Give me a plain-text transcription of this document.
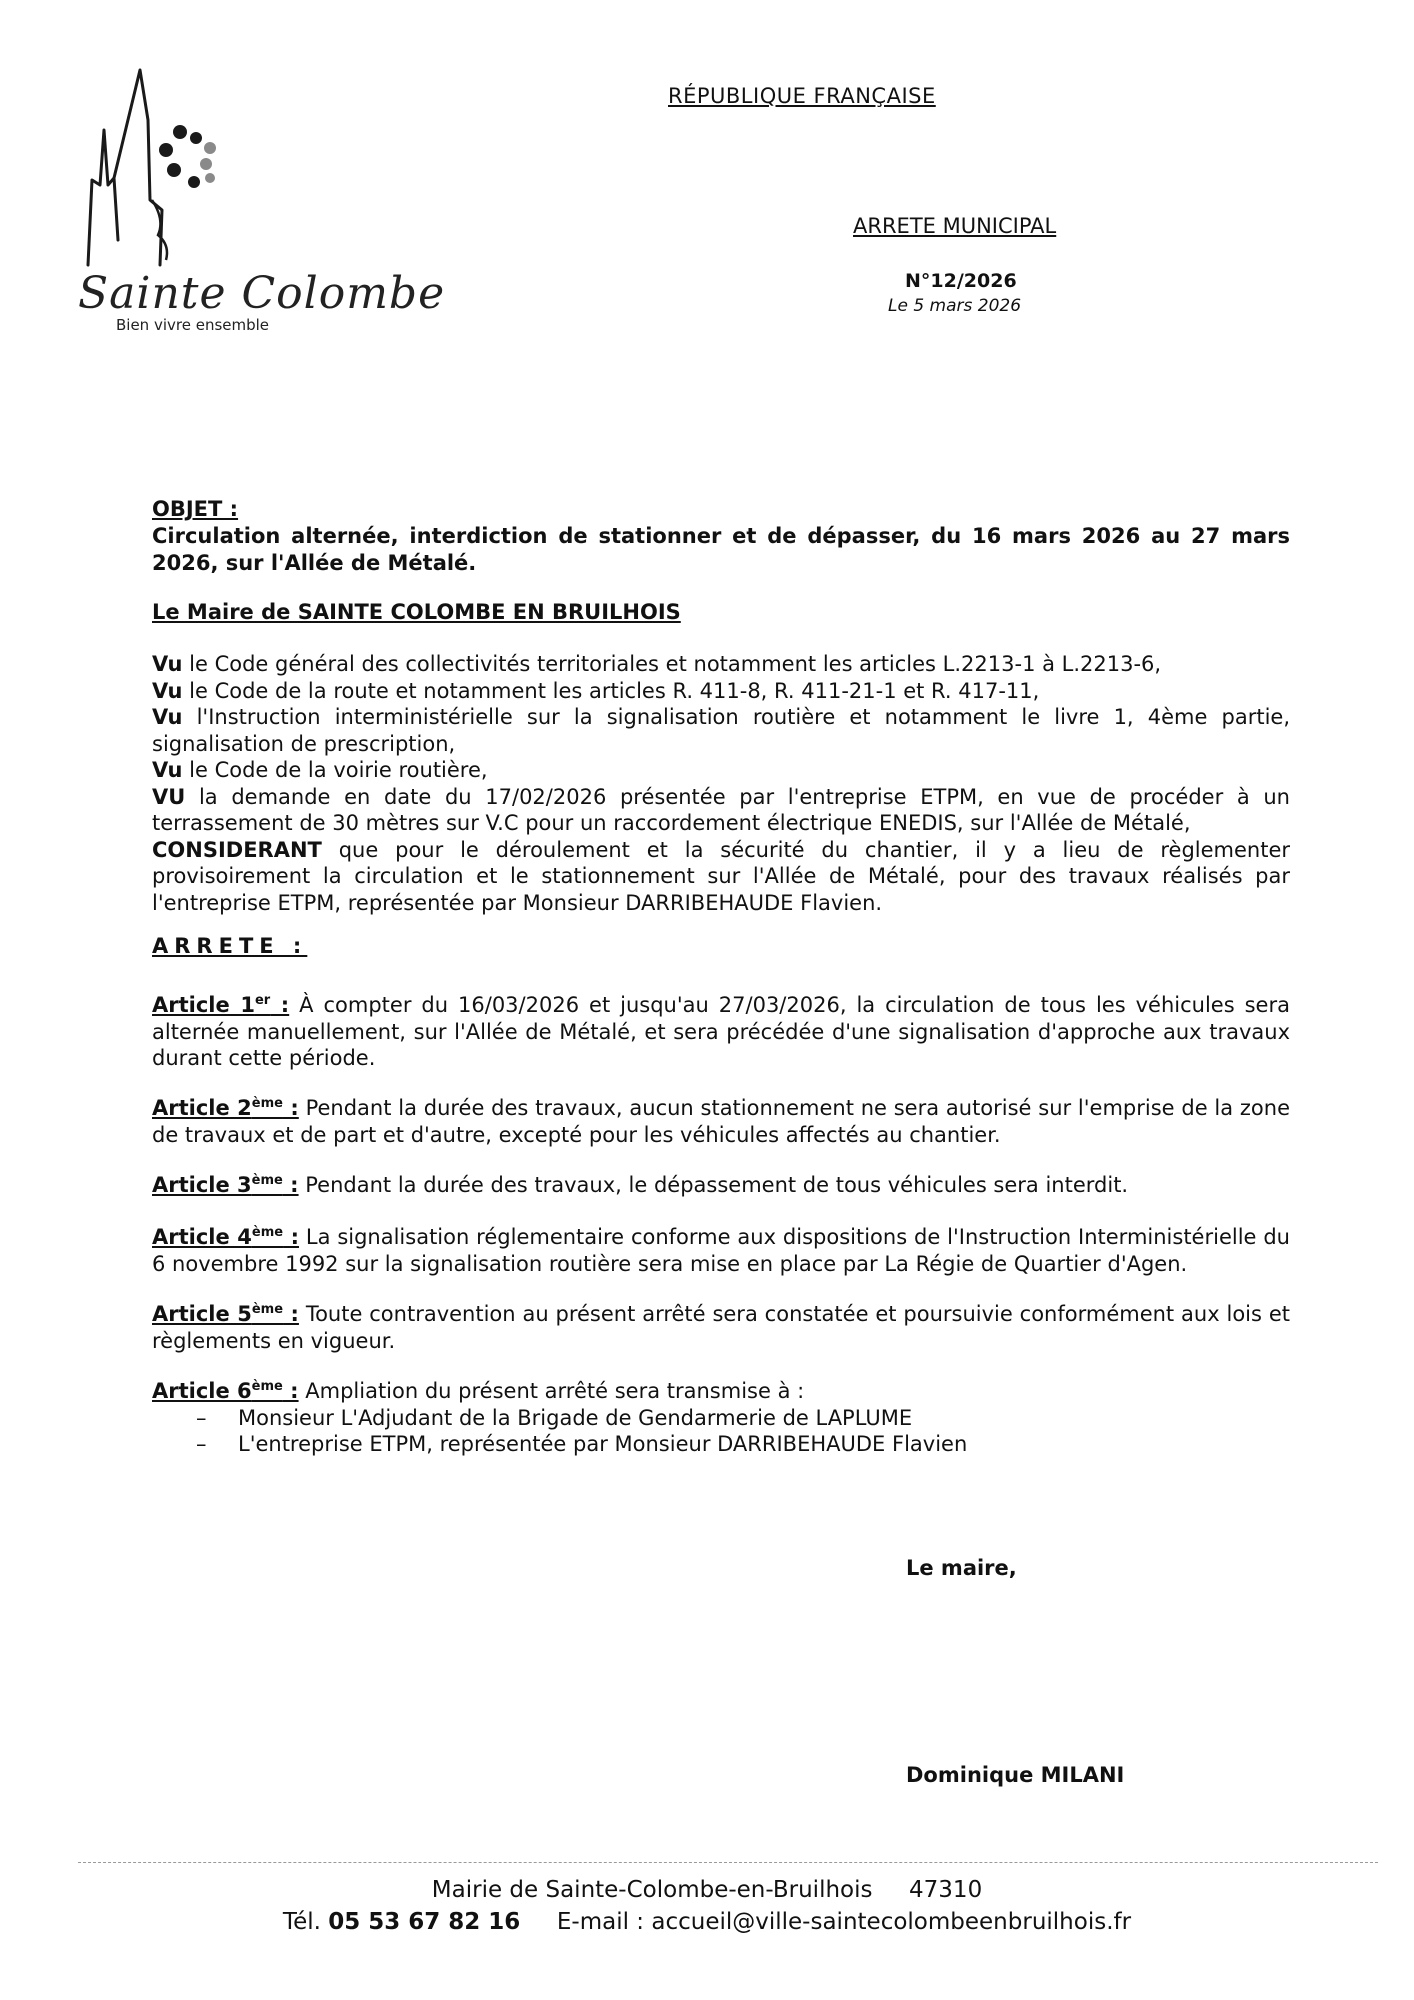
Sainte Colombe
Bien vivre ensemble
RÉPUBLIQUE FRANÇAISE
ARRETE MUNICIPAL
N°12/2026
Le 5 mars 2026
OBJET :
Circulation alternée, interdiction de stationner et de dépasser, du 16 mars 2026 au 27 mars 2026, sur l'Allée de Métalé.
Le Maire de SAINTE COLOMBE EN BRUILHOIS

Vu le Code général des collectivités territoriales et notamment les articles L.2213-1 à L.2213-6,

Vu le Code de la route et notamment les articles R. 411-8, R. 411-21-1 et R. 417-11,

Vu l'Instruction interministérielle sur la signalisation routière et notamment le livre 1, 4ème partie, signalisation de prescription,

Vu le Code de la voirie routière,

VU la demande en date du 17/02/2026 présentée par l'entreprise ETPM, en vue de procéder à un terrassement de 30 mètres sur V.C pour un raccordement électrique ENEDIS, sur l'Allée de Métalé,

CONSIDERANT que pour le déroulement et la sécurité du chantier, il y a lieu de règlementer provisoirement la circulation et le stationnement sur l'Allée de Métalé, pour des travaux réalisés par l'entreprise ETPM, représentée par Monsieur DARRIBEHAUDE Flavien.

ARRETE :

Article 1er : À compter du 16/03/2026 et jusqu'au 27/03/2026, la circulation de tous les véhicules sera alternée manuellement, sur l'Allée de Métalé, et sera précédée d'une signalisation d'approche aux travaux durant cette période.

Article 2ème : Pendant la durée des travaux, aucun stationnement ne sera autorisé sur l'emprise de la zone de travaux et de part et d'autre, excepté pour les véhicules affectés au chantier.

Article 3ème : Pendant la durée des travaux, le dépassement de tous véhicules sera interdit.

Article 4ème : La signalisation réglementaire conforme aux dispositions de l'Instruction Interministérielle du 6 novembre 1992 sur la signalisation routière sera mise en place par La Régie de Quartier d'Agen.

Article 5ème : Toute contravention au présent arrêté sera constatée et poursuivie conformément aux lois et règlements en vigueur.

Article 6ème : Ampliation du présent arrêté sera transmise à :

– Monsieur L'Adjudant de la Brigade de Gendarmerie de LAPLUME
– L'entreprise ETPM, représentée par Monsieur DARRIBEHAUDE Flavien
Le maire,
Dominique MILANI
Mairie de Sainte-Colombe-en-Bruilhois     47310
Tél. 05 53 67 82 16 E-mail : accueil@ville-saintecolombeenbruilhois.fr
